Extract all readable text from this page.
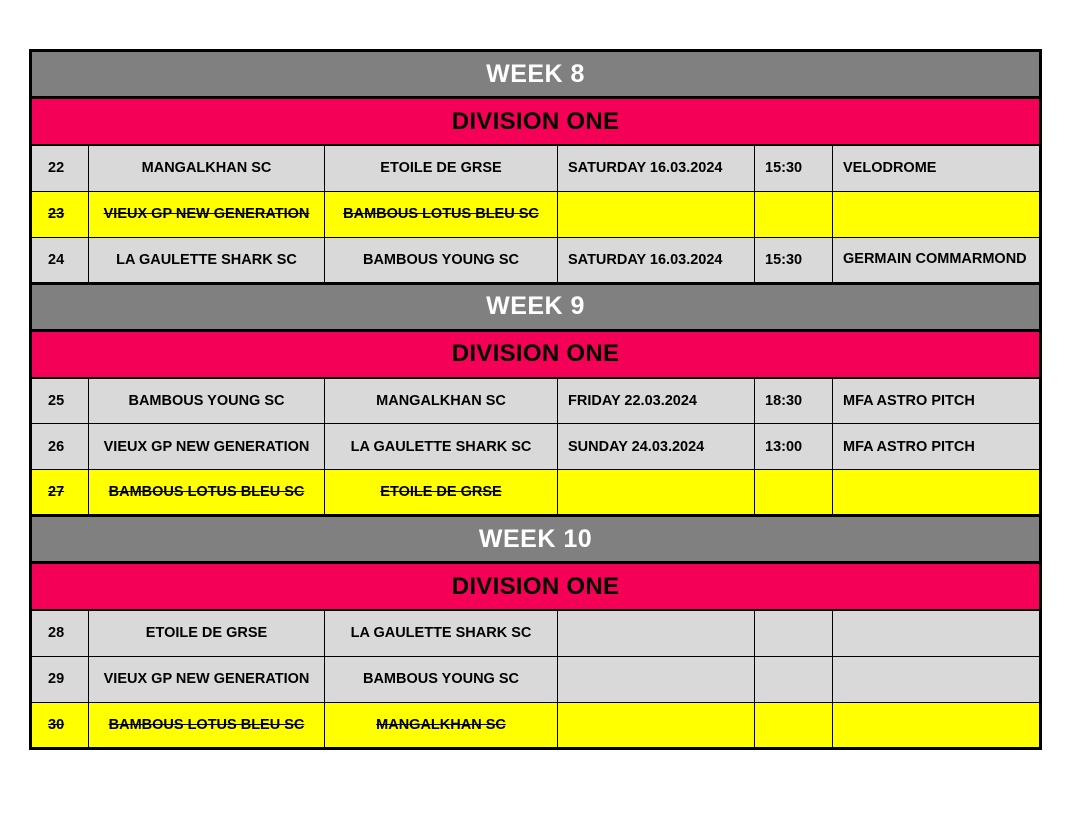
WEEK 8					
DIVISION ONE					
22	MANGALKHAN SC	ETOILE DE GRSE	SATURDAY 16.03.2024	15:30	VELODROME
23	VIEUX GP NEW GENERATION	BAMBOUS LOTUS BLEU SC			
24	LA GAULETTE SHARK SC	BAMBOUS YOUNG SC	SATURDAY 16.03.2024	15:30	GERMAIN COMMARMOND
WEEK 9					
DIVISION ONE					
25	BAMBOUS YOUNG SC	MANGALKHAN SC	FRIDAY 22.03.2024	18:30	MFA ASTRO PITCH
26	VIEUX GP NEW GENERATION	LA GAULETTE SHARK SC	SUNDAY 24.03.2024	13:00	MFA ASTRO PITCH
27	BAMBOUS LOTUS BLEU SC	ETOILE DE GRSE			
WEEK 10					
DIVISION ONE					
28	ETOILE DE GRSE	LA GAULETTE SHARK SC			
29	VIEUX GP NEW GENERATION	BAMBOUS YOUNG SC			
30	BAMBOUS LOTUS BLEU SC	MANGALKHAN SC			
